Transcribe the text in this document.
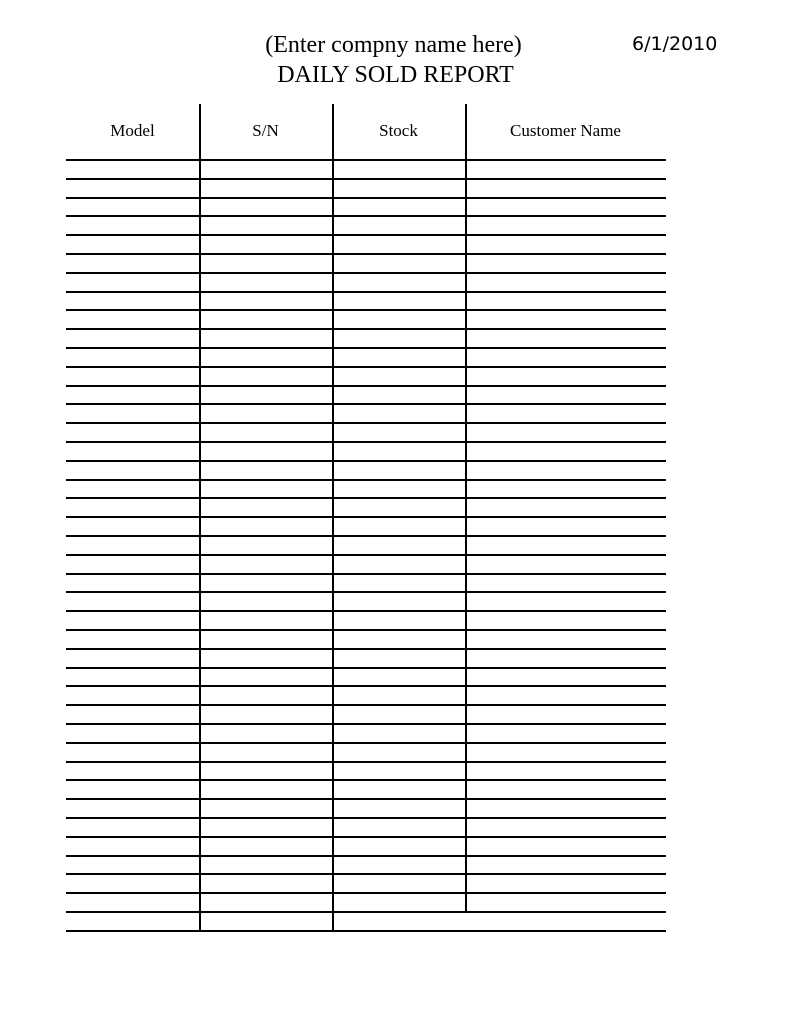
(Enter compny name here)	6/1/2010
DAILY SOLD REPORT
Model	S/N	Stock	Customer Name
